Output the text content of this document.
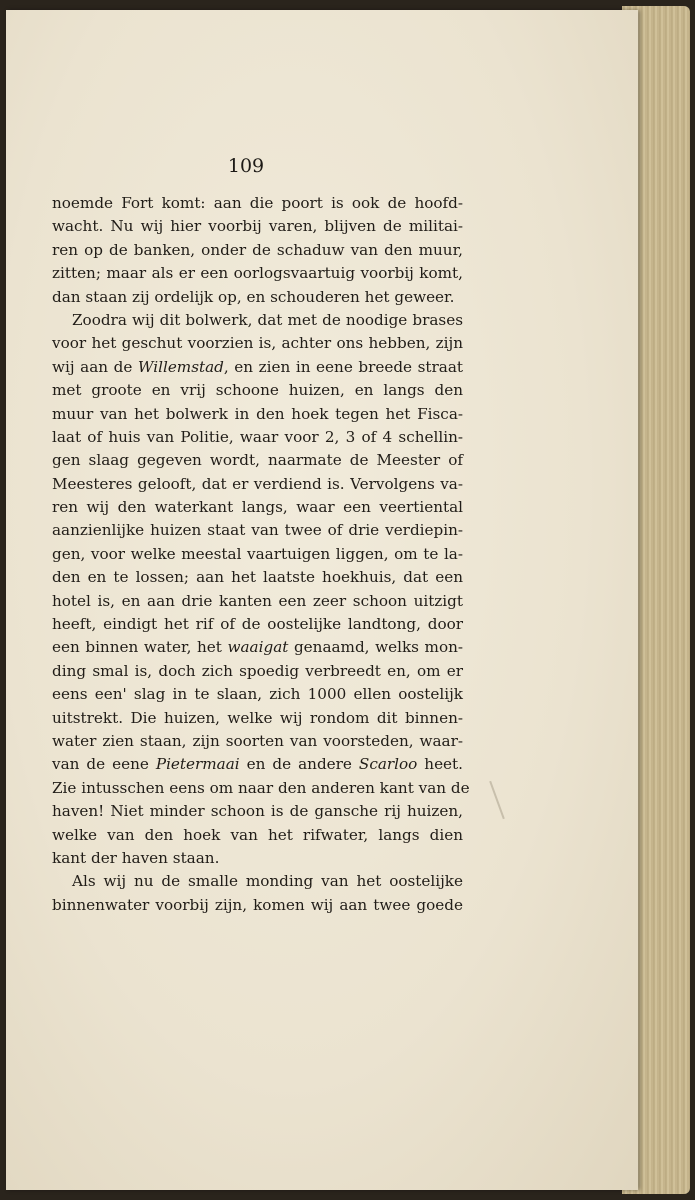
109
noemde Fort komt: aan die poort is ook de hoofd-
wacht. Nu wij hier voorbij varen, blijven de militai-
ren op de banken, onder de schaduw van den muur,
zitten; maar als er een oorlogsvaartuig voorbij komt,
dan staan zij ordelijk op, en schouderen het geweer.
Zoodra wij dit bolwerk, dat met de noodige brases
voor het geschut voorzien is, achter ons hebben, zijn
wij aan de Willemstad, en zien in eene breede straat
met groote en vrij schoone huizen, en langs den
muur van het bolwerk in den hoek tegen het Fisca-
laat of huis van Politie, waar voor 2, 3 of 4 schellin-
gen slaag gegeven wordt, naarmate de Meester of
Meesteres gelooft, dat er verdiend is. Vervolgens va-
ren wij den waterkant langs, waar een veertiental
aanzienlijke huizen staat van twee of drie verdiepin-
gen, voor welke meestal vaartuigen liggen, om te la-
den en te lossen; aan het laatste hoekhuis, dat een
hotel is, en aan drie kanten een zeer schoon uitzigt
heeft, eindigt het rif of de oostelijke landtong, door
een binnen water, het waaigat genaamd, welks mon-
ding smal is, doch zich spoedig verbreedt en, om er
eens een' slag in te slaan, zich 1000 ellen oostelijk
uitstrekt. Die huizen, welke wij rondom dit binnen-
water zien staan, zijn soorten van voorsteden, waar-
van de eene Pietermaai en de andere Scarloo heet.
Zie intusschen eens om naar den anderen kant van de
haven! Niet minder schoon is de gansche rij huizen,
welke van den hoek van het rifwater, langs dien
kant der haven staan.
Als wij nu de smalle monding van het oostelijke
binnenwater voorbij zijn, komen wij aan twee goede
